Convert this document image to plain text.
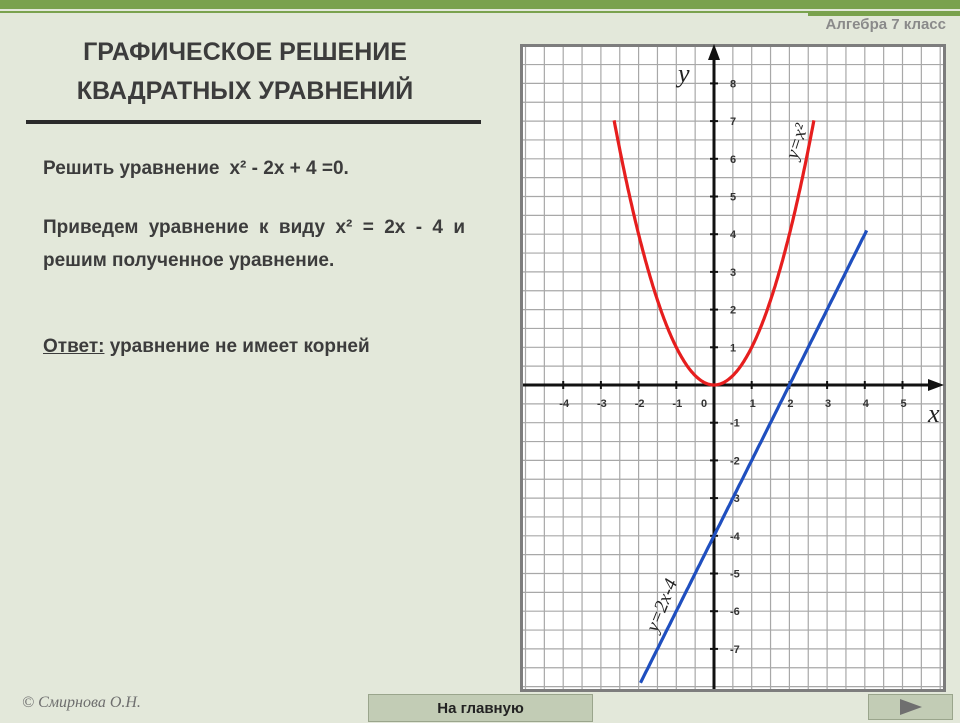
Алгебра 7 класс
ГРАФИЧЕСКОЕ РЕШЕНИЕ
КВАДРАТНЫХ УРАВНЕНИЙ
Решить уравнение x² - 2x + 4 =0.
Приведем уравнение к виду x² = 2x - 4 и решим полученное уравнение.
Ответ: уравнение не имеет корней
-4	-3	-2	-1 0	1	2	3	4	5
-7
-6
-5
-4
-3
-2
-1
1
2
3
4
5
6
7
8
x
y
y=x²
y=2x-4
© Смирнова О.Н.	На главную
